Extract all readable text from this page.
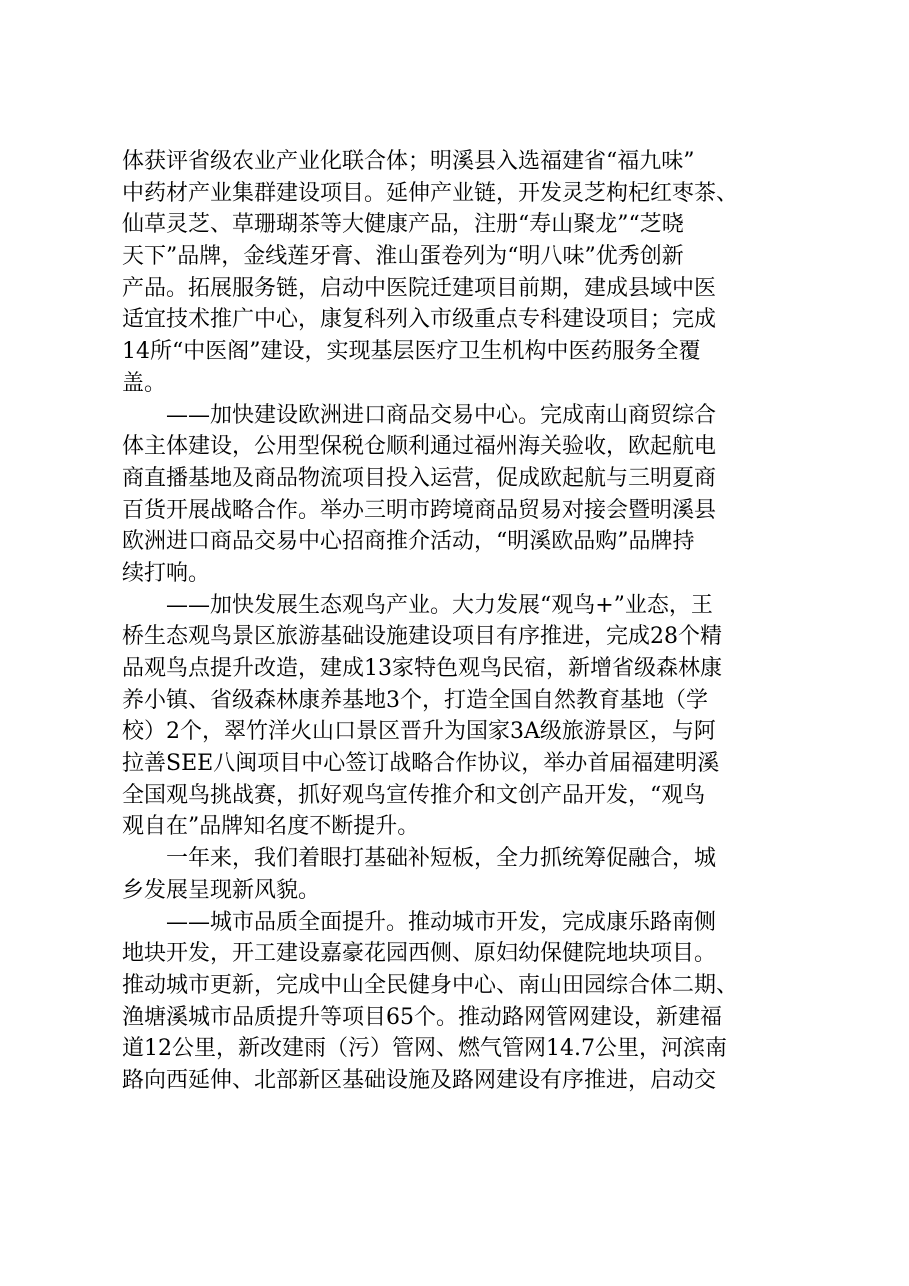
体获评省级农业产业化联合体；明溪县入选福建省“福九味”
中药材产业集群建设项目。延伸产业链，开发灵芝枸杞红枣茶、
仙草灵芝、草珊瑚茶等大健康产品，注册“寿山聚龙”“芝晓
天下”品牌，金线莲牙膏、淮山蛋卷列为“明八味”优秀创新
产品。拓展服务链，启动中医院迁建项目前期，建成县域中医
适宜技术推广中心，康复科列入市级重点专科建设项目；完成
14所“中医阁”建设，实现基层医疗卫生机构中医药服务全覆
盖。
——加快建设欧洲进口商品交易中心。完成南山商贸综合
体主体建设，公用型保税仓顺利通过福州海关验收，欧起航电
商直播基地及商品物流项目投入运营，促成欧起航与三明夏商
百货开展战略合作。举办三明市跨境商品贸易对接会暨明溪县
欧洲进口商品交易中心招商推介活动，“明溪欧品购”品牌持
续打响。
——加快发展生态观鸟产业。大力发展“观鸟+”业态，王
桥生态观鸟景区旅游基础设施建设项目有序推进，完成28个精
品观鸟点提升改造，建成13家特色观鸟民宿，新增省级森林康
养小镇、省级森林康养基地3个，打造全国自然教育基地（学
校）2个，翠竹洋火山口景区晋升为国家3A级旅游景区，与阿
拉善SEE八闽项目中心签订战略合作协议，举办首届福建明溪
全国观鸟挑战赛，抓好观鸟宣传推介和文创产品开发，“观鸟
观自在”品牌知名度不断提升。
一年来，我们着眼打基础补短板，全力抓统筹促融合，城
乡发展呈现新风貌。
——城市品质全面提升。推动城市开发，完成康乐路南侧
地块开发，开工建设嘉豪花园西侧、原妇幼保健院地块项目。
推动城市更新，完成中山全民健身中心、南山田园综合体二期、
渔塘溪城市品质提升等项目65个。推动路网管网建设，新建福
道12公里，新改建雨（污）管网、燃气管网14.7公里，河滨南
路向西延伸、北部新区基础设施及路网建设有序推进，启动交
